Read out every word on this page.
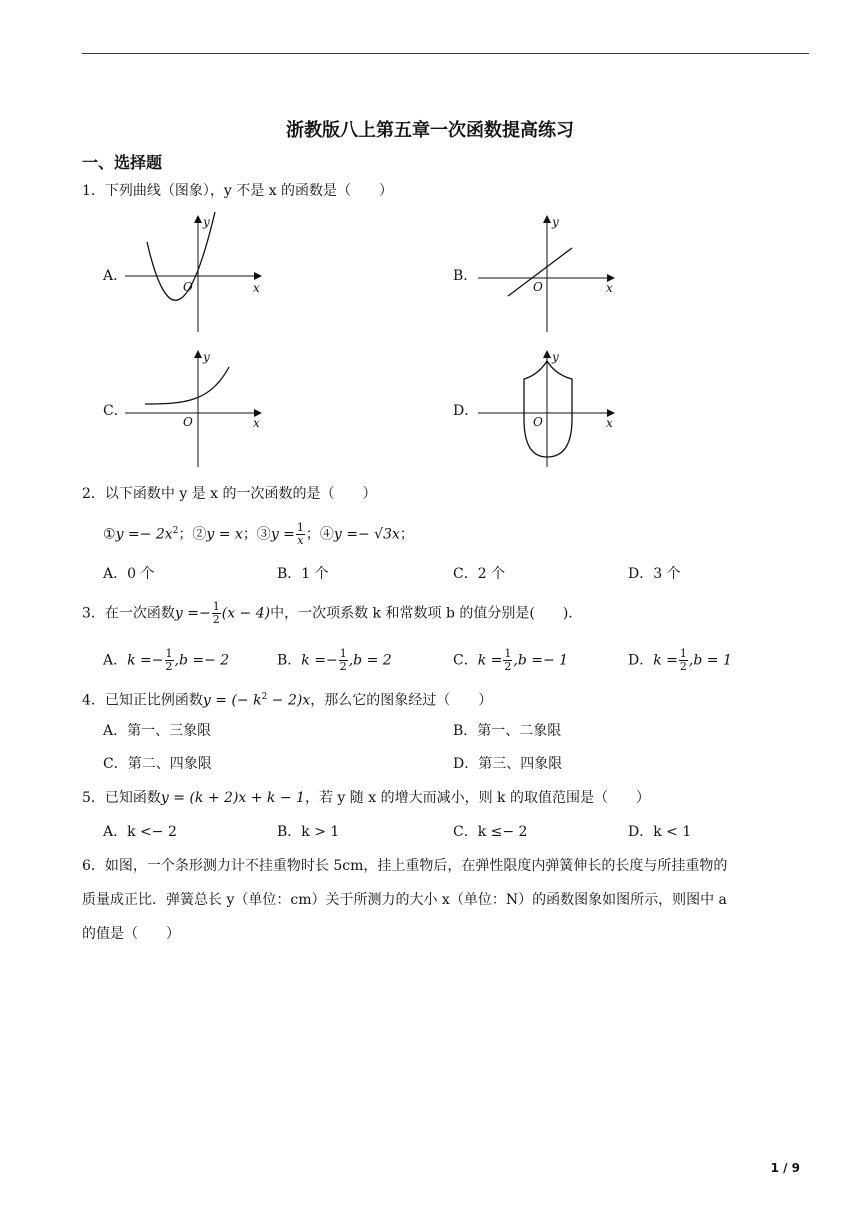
浙教版八上第五章一次函数提高练习
一、选择题
1．下列曲线（图象），y 不是 x 的函数是（　　）
A．
y
x
O
B．
y
x
O
C．
y
x
O
D．
y
x
O
2．以下函数中 y 是 x 的一次函数的是（　　）
①y =− $2x^2$；②y = x；③y = $\frac{1}{x}$ ；④y =− √3x；
A．0 个	B．1 个	C．2 个	D．3 个
3．在一次函数$y =- \frac{1}{2} (x - 4)$中，一次项系数 k 和常数项 b 的值分别是(　　).
A．$k =- \frac{1}{2} ,b =- 2$	B．$k =- \frac{1}{2} ,b = 2$	C．$k = \frac{1}{2} ,b =- 1$	D．$k = \frac{1}{2} ,b = 1$
4．已知正比例函数y = (− $k^2 - 2)x$，那么它的图象经过（　　）
A．第一、三象限	B．第一、二象限
C．第二、四象限	D．第三、四象限
5．已知函数y = (k + 2)x + k − 1，若 y 随 x 的增大而减小，则 k 的取值范围是（　　）
A．k <− 2	B．k > 1	C．k ≤− 2	D．k < 1
6．如图，一个条形测力计不挂重物时长 5cm，挂上重物后，在弹性限度内弹簧伸长的长度与所挂重物的
质量成正比．弹簧总长 y（单位：cm）关于所测力的大小 x（单位：N）的函数图象如图所示，则图中 a
的值是（　　）
1 / 9
